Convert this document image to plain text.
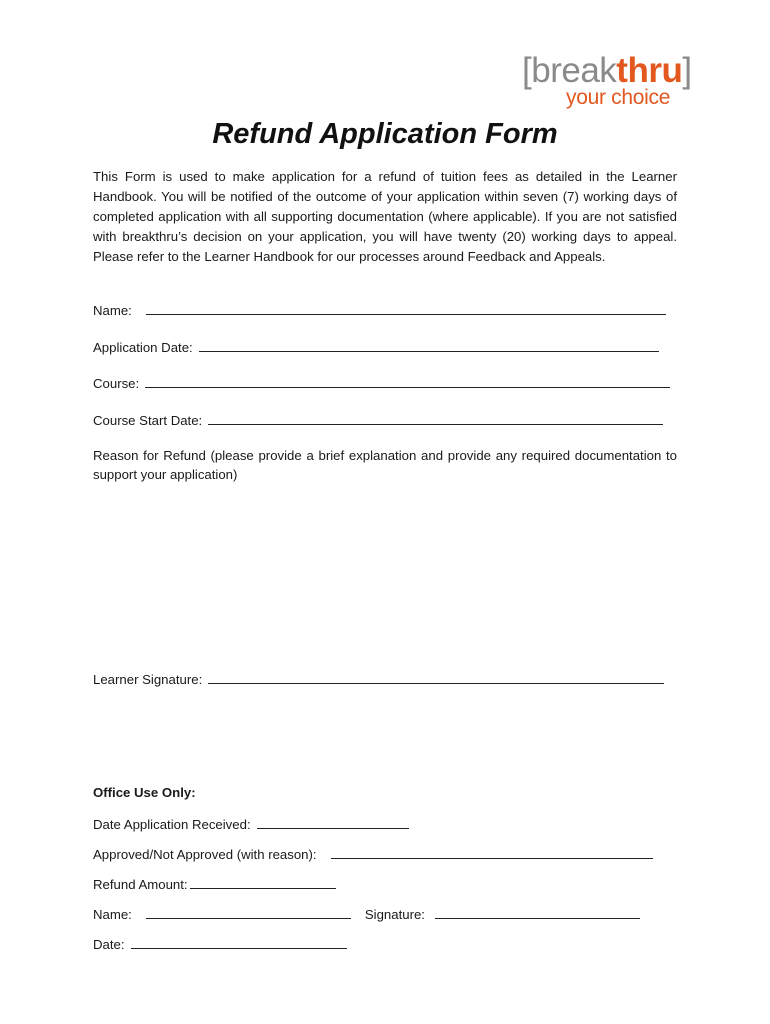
[breakthru]
your choice
Refund Application Form

This Form is used to make application for a refund of tuition fees as detailed in the Learner Handbook. You will be notified of the outcome of your application within seven (7) working days of completed application with all supporting documentation (where applicable). If you are not satisfied with breakthru’s decision on your application, you will have twenty (20) working days to appeal. Please refer to the Learner Handbook for our processes around Feedback and Appeals.

Name:
Application Date:
Course:
Course Start Date:

Reason for Refund (please provide a brief explanation and provide any required documentation to support your application)

Learner Signature:
Office Use Only:
Date Application Received:
Approved/Not Approved (with reason):
Refund Amount:
Name:	Signature:
Date:
